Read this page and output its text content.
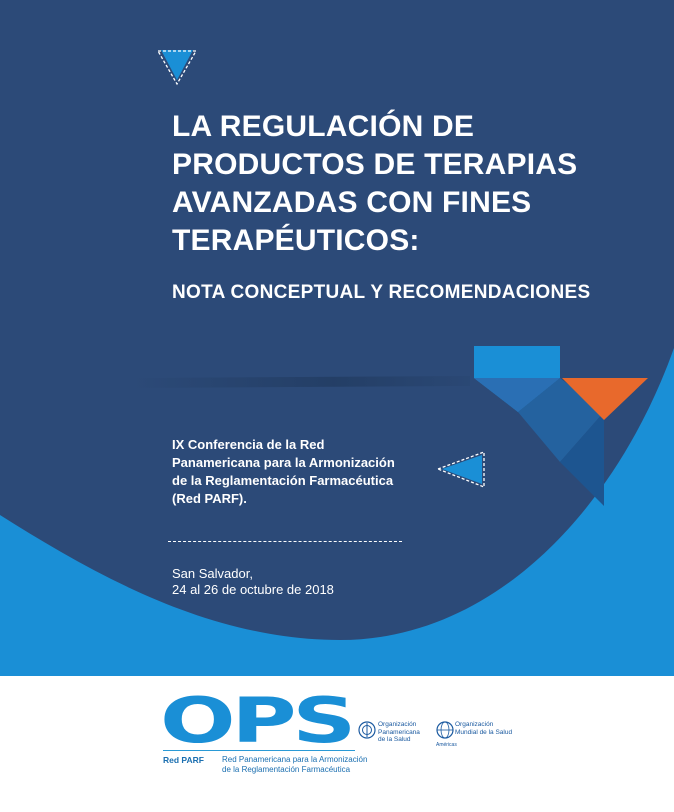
LA REGULACIÓN DE
PRODUCTOS DE TERAPIAS
AVANZADAS CON FINES
TERAPÉUTICOS:
NOTA CONCEPTUAL Y RECOMENDACIONES

IX Conferencia de la Red
Panamericana para la Armonización
de la Reglamentación Farmacéutica
(Red PARF).

San Salvador,
24 al 26 de octubre de 2018

OPS

Red PARF Red Panamericana para la Armonización
de la Reglamentación Farmacéutica

Organización
Panamericana
de la Salud

Organización
Mundial de la Salud

Américas
